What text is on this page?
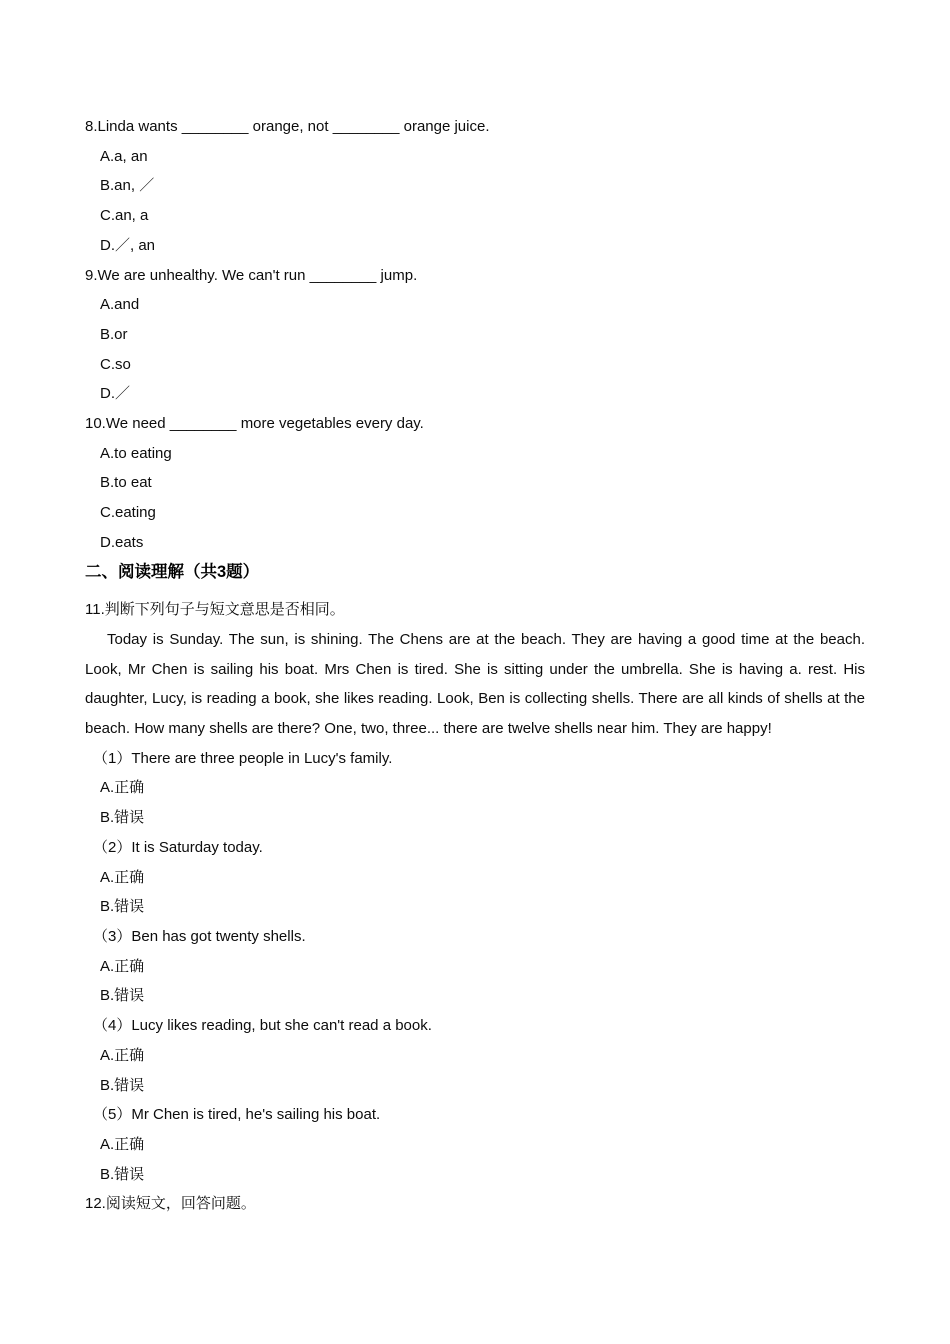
8.Linda wants ________ orange, not ________ orange juice.
A.a, an
B.an, ／
C.an, a
D.／, an
9.We are unhealthy. We can't run ________ jump.
A.and
B.or
C.so
D.／
10.We need ________ more vegetables every day.
A.to eating
B.to eat
C.eating
D.eats
二、阅读理解（共3题）
11.判断下列句子与短文意思是否相同。

Today is Sunday. The sun, is shining. The Chens are at the beach. They are having a good time at the beach. Look, Mr Chen is sailing his boat. Mrs Chen is tired. She is sitting under the umbrella. She is having a. rest. His daughter, Lucy, is reading a book, she likes reading. Look, Ben is collecting shells. There are all kinds of shells at the beach. How many shells are there? One, two, three... there are twelve shells near him. They are happy!

（1）There are three people in Lucy's family.
A.正确
B.错误
（2）It is Saturday today.
A.正确
B.错误
（3）Ben has got twenty shells.
A.正确
B.错误
（4）Lucy likes reading, but she can't read a book.
A.正确
B.错误
（5）Mr Chen is tired, he's sailing his boat.
A.正确
B.错误
12.阅读短文，回答问题。
